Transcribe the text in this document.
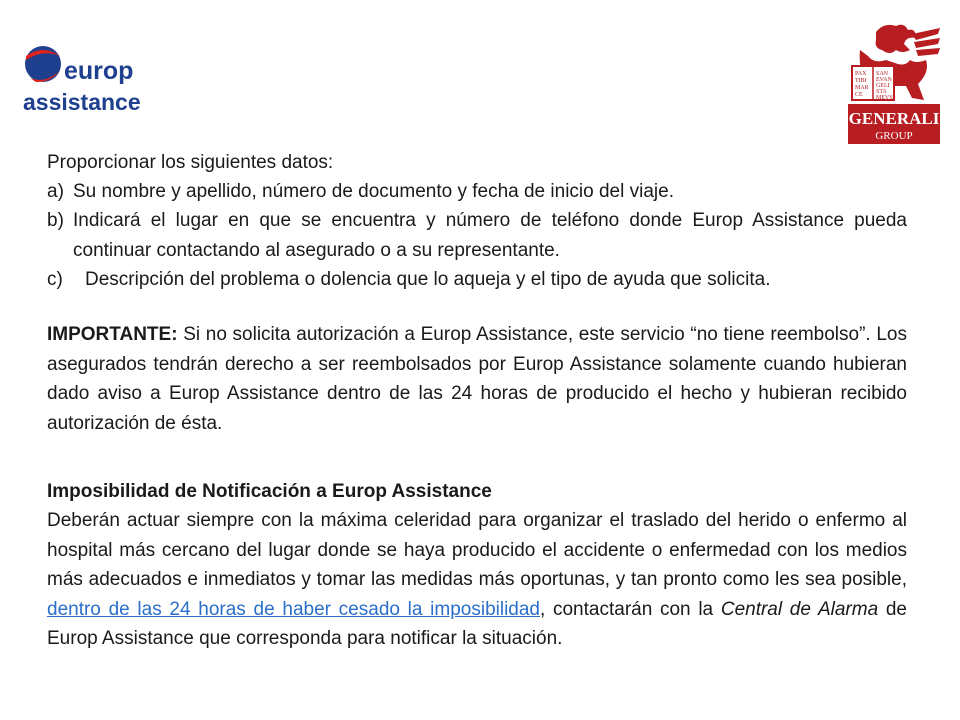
europ
assistance
PAX
TIBI
MAR
CE
SAN
EVAN
GELI
STA
MEVS
GENERALI
GROUP
Proporcionar los siguientes datos:
a) Su nombre y apellido, número de documento y fecha de inicio del viaje.
b) Indicará el lugar en que se encuentra y número de teléfono donde Europ Assistance pueda continuar contactando al asegurado o a su representante.
c) Descripción del problema o dolencia que lo aqueja y el tipo de ayuda que solicita.
IMPORTANTE: Si no solicita autorización a Europ Assistance, este servicio “no tiene reembolso”. Los asegurados tendrán derecho a ser reembolsados por Europ Assistance solamente cuando hubieran dado aviso a Europ Assistance dentro de las 24 horas de producido el hecho y hubieran recibido autorización de ésta.
Imposibilidad de Notificación a Europ Assistance
Deberán actuar siempre con la máxima celeridad para organizar el traslado del herido o enfermo al hospital más cercano del lugar donde se haya producido el accidente o enfermedad con los medios más adecuados e inmediatos y tomar las medidas más oportunas, y tan pronto como les sea posible, dentro de las 24 horas de haber cesado la imposibilidad, contactarán con la Central de Alarma de Europ Assistance que corresponda para notificar la situación.
